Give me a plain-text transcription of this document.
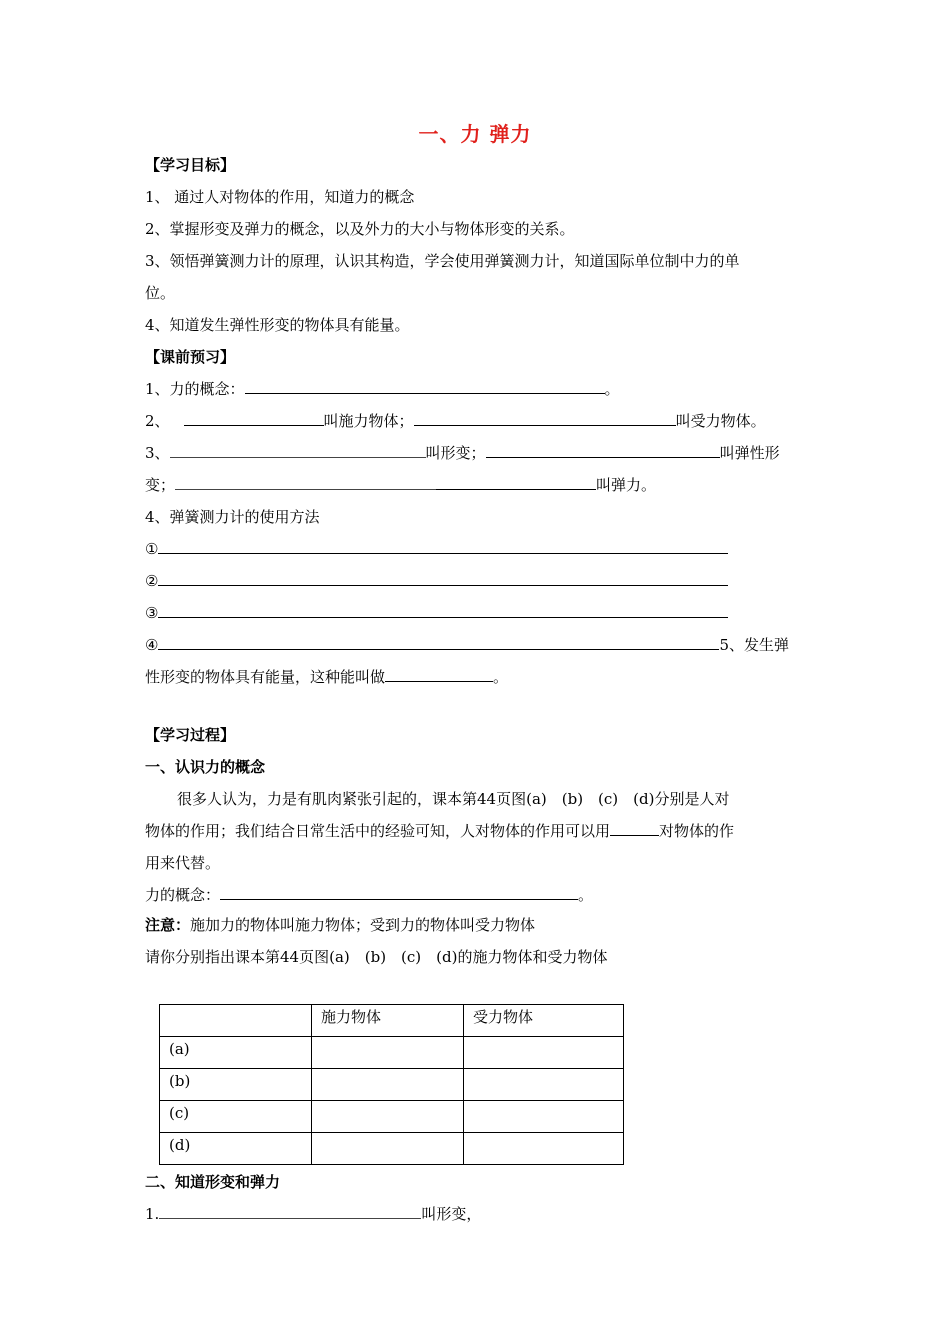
一、力 弹力
【学习目标】
1、 通过人对物体的作用，知道力的概念
2、掌握形变及弹力的概念，以及外力的大小与物体形变的关系。
3、领悟弹簧测力计的原理，认识其构造，学会使用弹簧测力计，知道国际单位制中力的单
位。
4、知道发生弹性形变的物体具有能量。
【课前预习】
1、力的概念：	。
2、	叫施力物体；	叫受力物体。
3、	叫形变；	叫弹性形
变；	叫弹力。
4、弹簧测力计的使用方法
①
②
③
④	5、发生弹
性形变的物体具有能量，这种能叫做	。
【学习过程】
一、认识力的概念
很多人认为，力是有肌肉紧张引起的，课本第44页图(a)　(b)　(c)　(d)分别是人对
物体的作用；我们结合日常生活中的经验可知，人对物体的作用可以用	对物体的作
用来代替。
力的概念：	。
注意：施加力的物体叫施力物体；受到力的物体叫受力物体
请你分别指出课本第44页图(a)　(b)　(c)　(d)的施力物体和受力物体
	施力物体	受力物体
(a)		
(b)		
(c)		
(d)		
二、知道形变和弹力
1.	叫形变，
